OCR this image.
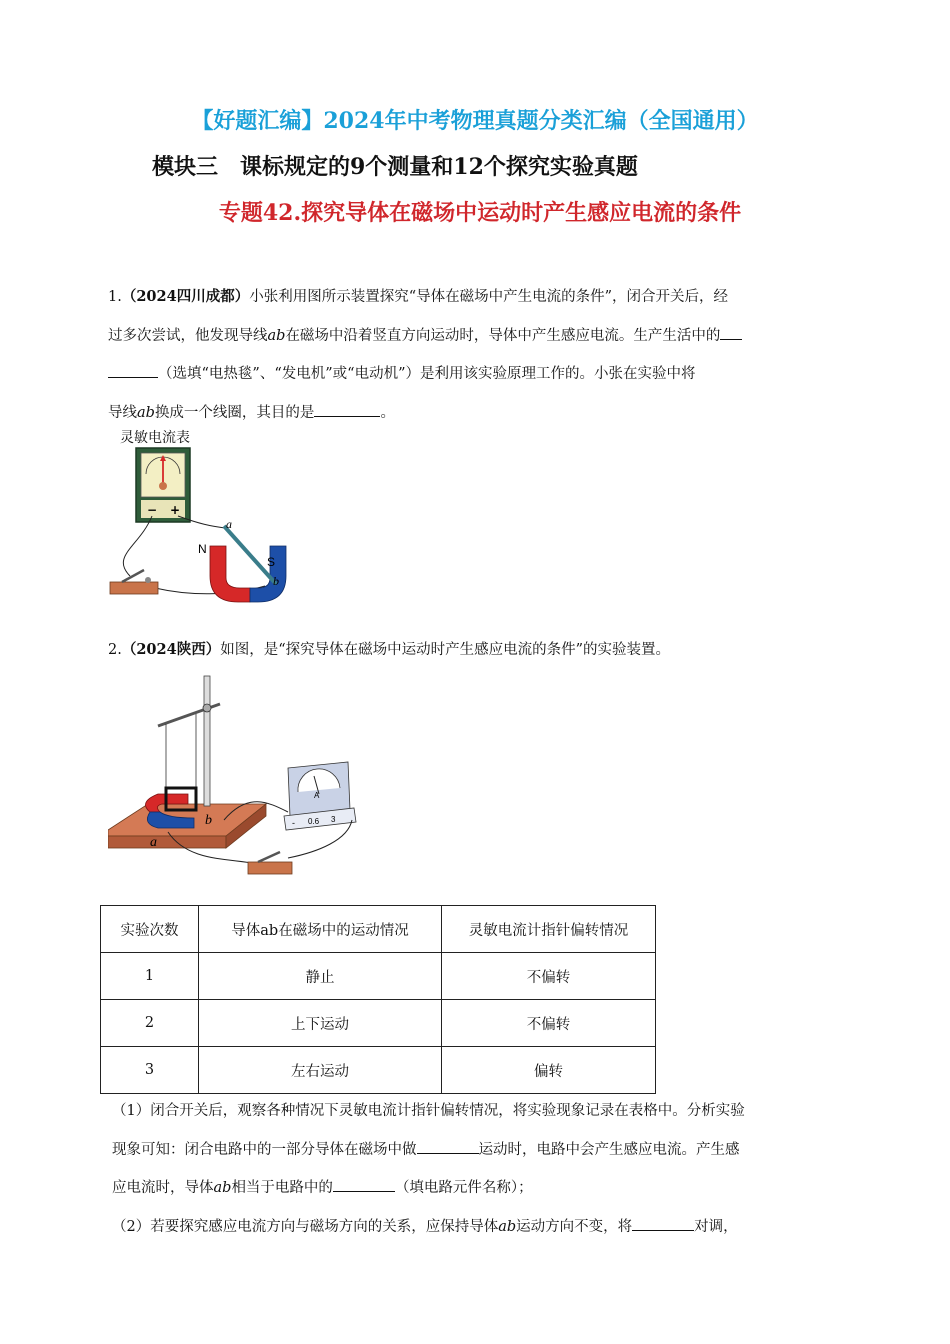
【好题汇编】2024年中考物理真题分类汇编（全国通用）
模块三　课标规定的9个测量和12个探究实验真题
专题42.探究导体在磁场中运动时产生感应电流的条件
1.（2024四川成都）小张利用图所示装置探究“导体在磁场中产生电流的条件”，闭合开关后，经
过多次尝试，他发现导线ab在磁场中沿着竖直方向运动时，导体中产生感应电流。生产生活中的
（选填“电热毯”、“发电机”或“电动机”）是利用该实验原理工作的。小张在实验中将
导线ab换成一个线圈，其目的是	。
灵敏电流表
− +
N
S
a
b
2.（2024陕西）如图，是“探究导体在磁场中运动时产生感应电流的条件”的实验装置。
a
b
A
- 0.6 3
实验次数	导体ab在磁场中的运动情况	灵敏电流计指针偏转情况
1	静止	不偏转
2	上下运动	不偏转
3	左右运动	偏转
（1）闭合开关后，观察各种情况下灵敏电流计指针偏转情况，将实验现象记录在表格中。分析实验
现象可知：闭合电路中的一部分导体在磁场中做	运动时，电路中会产生感应电流。产生感
应电流时，导体ab相当于电路中的	（填电路元件名称）；
（2）若要探究感应电流方向与磁场方向的关系，应保持导体ab运动方向不变，将	对调，
